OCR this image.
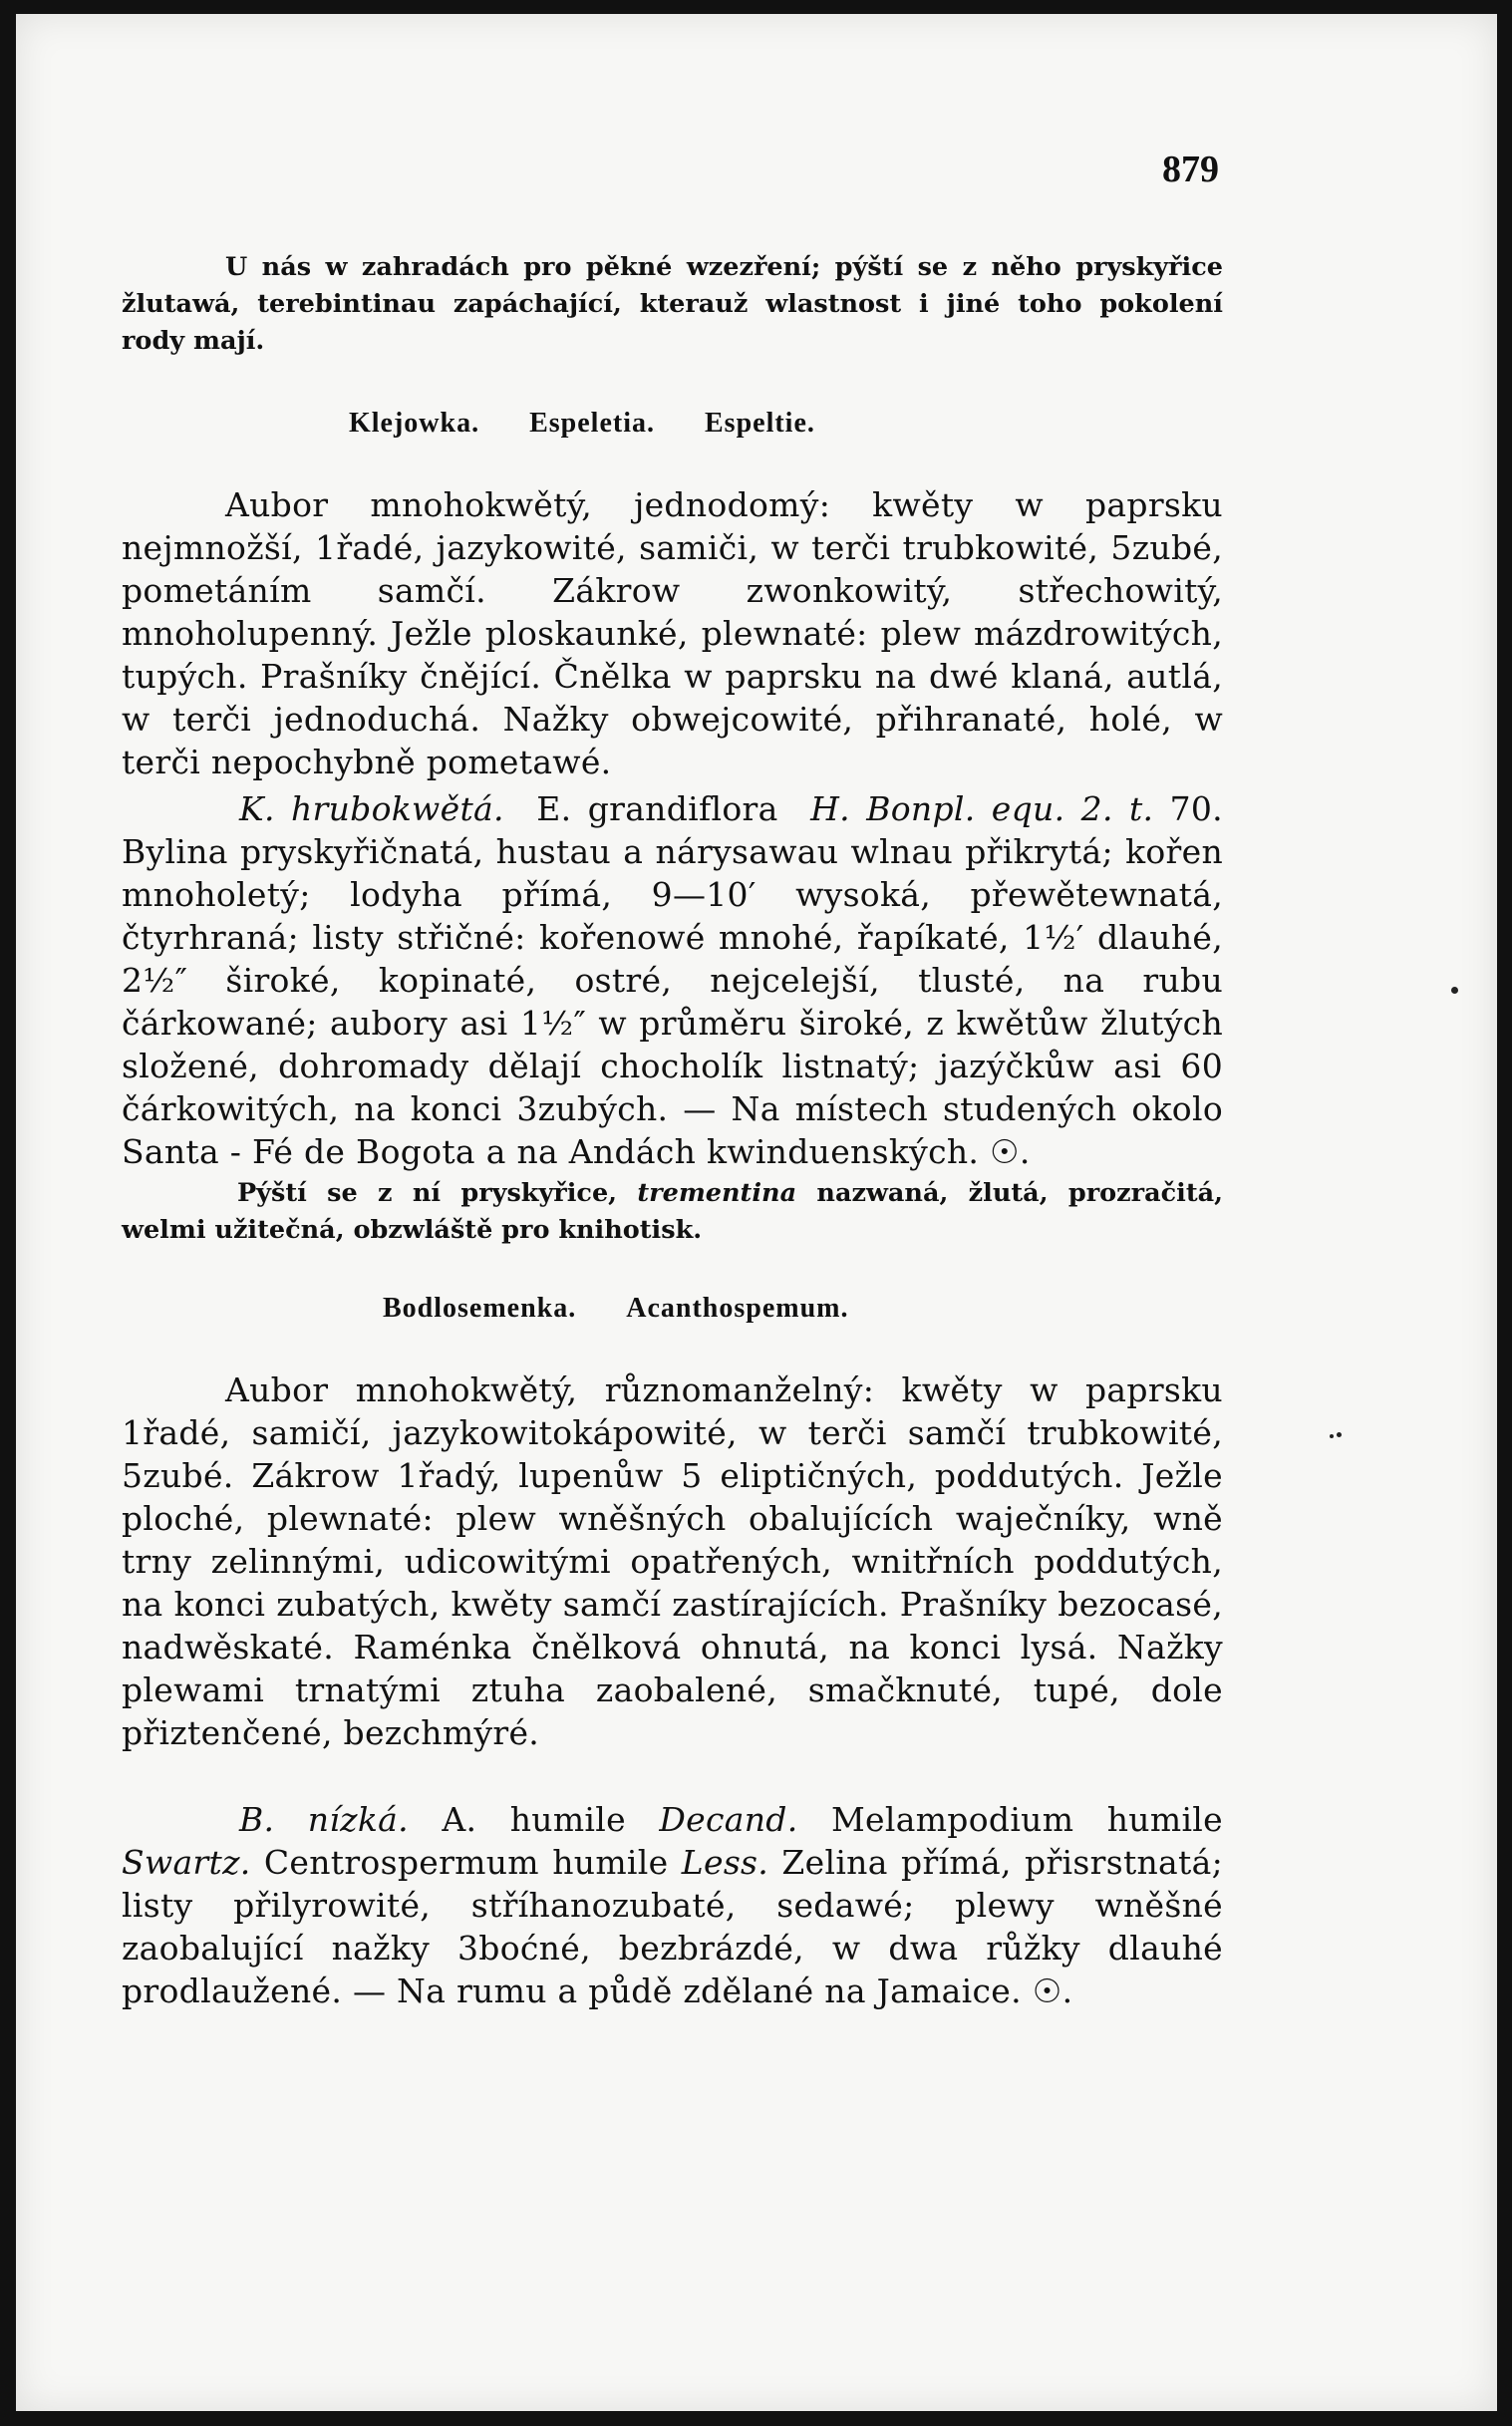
879

U nás w zahradách pro pěkné wzezření; pýští se z něho pryskyřice žlutawá, terebintinau zapáchající, kterauž wlastnost i jiné toho pokolení rody mají.

Klejowka. Espeletia. Espeltie.

Aubor mnohokwětý, jednodomý: kwěty w paprsku nejmnožší, 1řadé, jazykowité, samiči, w terči trubkowité, 5zubé, pometáním samčí. Zákrow zwonkowitý, střechowitý, mnoholupenný. Ježle ploskaunké, plewnaté: plew mázdrowitých, tupých. Prašníky čnějící. Čnělka w paprsku na dwé klaná, autlá, w terči jednoduchá. Nažky obwejcowité, přihranaté, holé, w terči nepochybně pometawé.

K. hrubokwětá. E. grandiflora H. Bonpl. equ. 2. t. 70. Bylina pryskyřičnatá, hustau a nárysawau wlnau přikrytá; kořen mnoholetý; lodyha přímá, 9—10′ wysoká, přewětewnatá, čtyrhraná; listy střičné: kořenowé mnohé, řapíkaté, 1½′ dlauhé, 2½″ široké, kopinaté, ostré, nejcelejší, tlusté, na rubu čárkowané; aubory asi 1½″ w průměru široké, z kwětůw žlutých složené, dohromady dělají chocholík listnatý; jazýčkůw asi 60 čárkowitých, na konci 3zubých. — Na místech studených okolo Santa - Fé de Bogota a na Andách kwinduenských. ☉.

Pýští se z ní pryskyřice, trementina nazwaná, žlutá, prozračitá, welmi užitečná, obzwláště pro knihotisk.

Bodlosemenka. Acanthospemum.

Aubor mnohokwětý, různomanželný: kwěty w paprsku 1řadé, samičí, jazykowitokápowité, w terči samčí trubkowité, 5zubé. Zákrow 1řadý, lupenůw 5 eliptičných, poddutých. Ježle ploché, plewnaté: plew wněšných obalujících waječníky, wně trny zelinnými, udicowitými opatřených, wnitřních poddutých, na konci zubatých, kwěty samčí zastírajících. Prašníky bezocasé, nadwěskaté. Raménka čnělková ohnutá, na konci lysá. Nažky plewami trnatými ztuha zaobalené, smačknuté, tupé, dole přiztenčené, bezchmýré.

B. nízká. A. humile Decand. Melampodium humile Swartz. Centrospermum humile Less. Zelina přímá, přisrstnatá; listy přilyrowité, stříhanozubaté, sedawé; plewy wněšné zaobalující nažky 3boćné, bezbrázdé, w dwa růžky dlauhé prodlaužené. — Na rumu a půdě zdělané na Jamaice. ☉.
